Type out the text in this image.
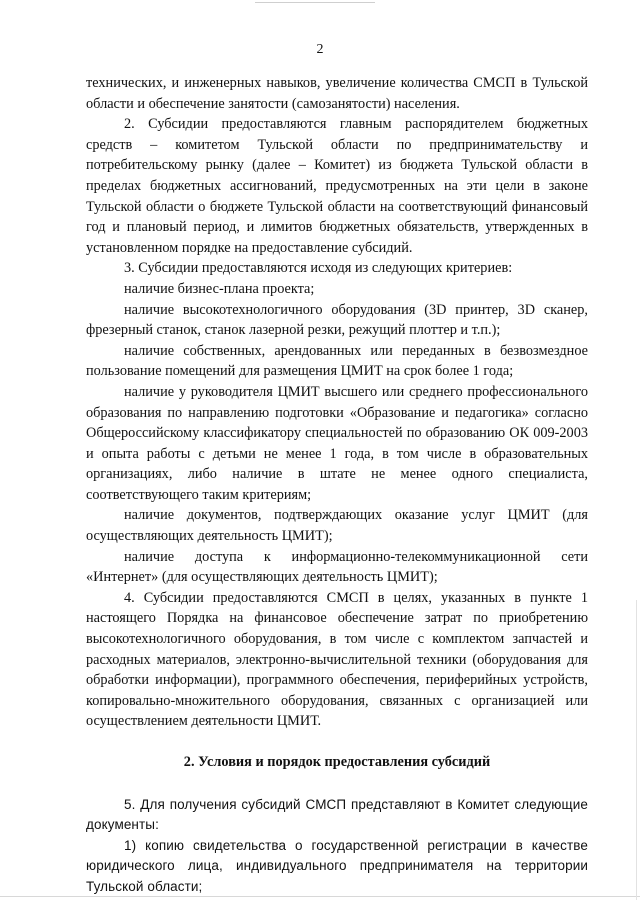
2

технических, и инженерных навыков, увеличение количества СМСП в Тульской области и обеспечение занятости (самозанятости) населения.

2. Субсидии предоставляются главным распорядителем бюджетных средств – комитетом Тульской области по предпринимательству и потребительскому рынку (далее – Комитет) из бюджета Тульской области в пределах бюджетных ассигнований, предусмотренных на эти цели в законе Тульской области о бюджете Тульской области на соответствующий финансовый год и плановый период, и лимитов бюджетных обязательств, утвержденных в установленном порядке на предоставление субсидий.

3. Субсидии предоставляются исходя из следующих критериев:

наличие бизнес-плана проекта;

наличие высокотехнологичного оборудования (3D принтер, 3D сканер, фрезерный станок, станок лазерной резки, режущий плоттер и т.п.);

наличие собственных, арендованных или переданных в безвозмездное пользование помещений для размещения ЦМИТ на срок более 1 года;

наличие у руководителя ЦМИТ высшего или среднего профессионального образования по направлению подготовки «Образование и педагогика» согласно Общероссийскому классификатору специальностей по образованию ОК 009-2003 и опыта работы с детьми не менее 1 года, в том числе в образовательных организациях, либо наличие в штате не менее одного специалиста, соответствующего таким критериям;

наличие документов, подтверждающих оказание услуг ЦМИТ (для осуществляющих деятельность ЦМИТ);

наличие доступа к информационно-телекоммуникационной сети «Интернет» (для осуществляющих деятельность ЦМИТ);

4. Субсидии предоставляются СМСП в целях, указанных в пункте 1 настоящего Порядка на финансовое обеспечение затрат по приобретению высокотехнологичного оборудования, в том числе с комплектом запчастей и расходных материалов, электронно-вычислительной техники (оборудования для обработки информации), программного обеспечения, периферийных устройств, копировально-множительного оборудования, связанных с организацией или осуществлением деятельности ЦМИТ.

2. Условия и порядок предоставления субсидий

5. Для получения субсидий СМСП представляют в Комитет следующие документы:

1) копию свидетельства о государственной регистрации в качестве юридического лица, индивидуального предпринимателя на территории Тульской области;
